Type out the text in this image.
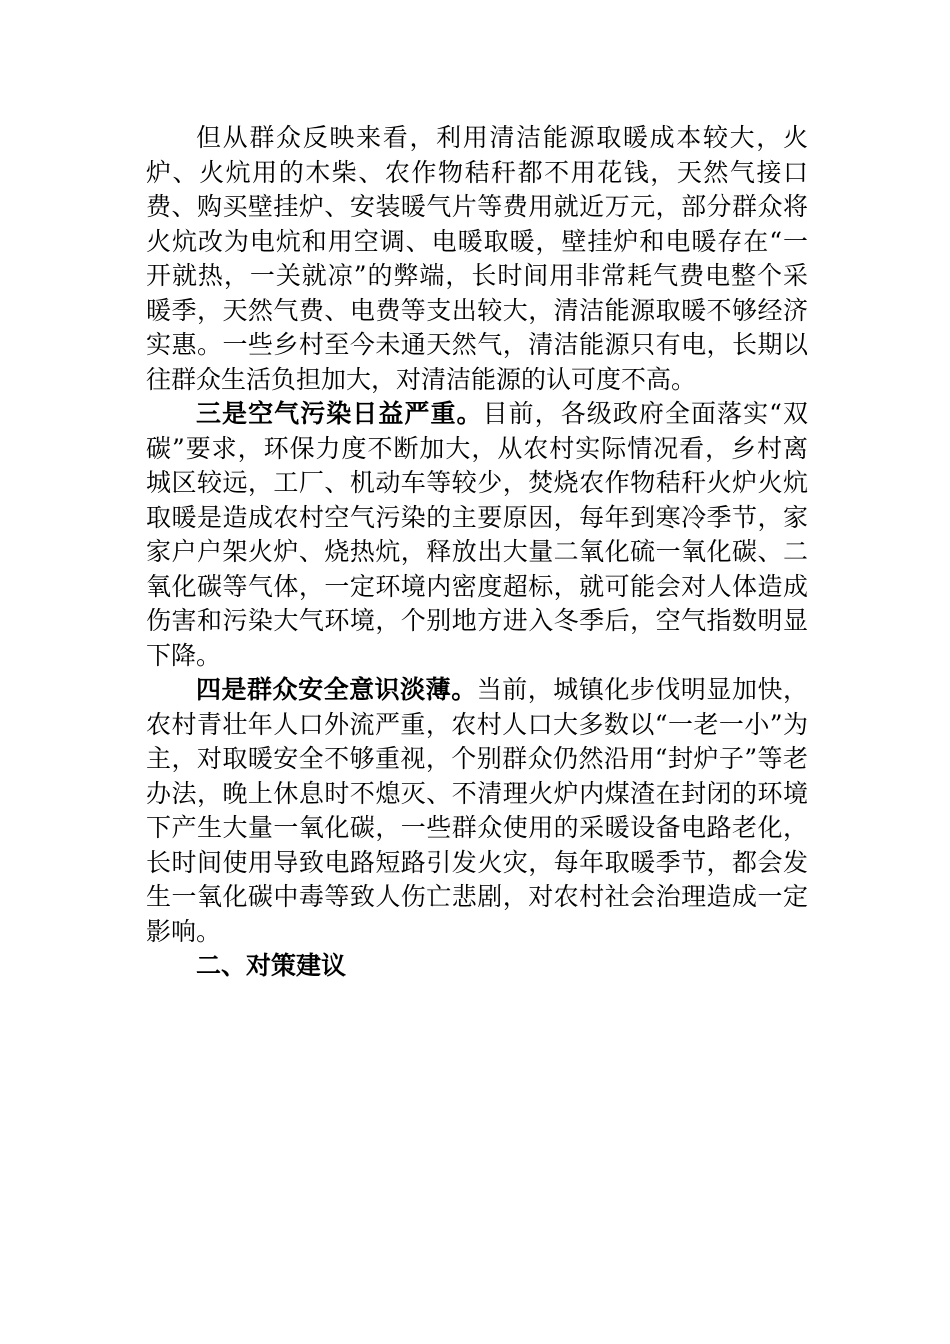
但从群众反映来看，利用清洁能源取暖成本较大，火炉、火炕用的木柴、农作物秸秆都不用花钱，天然气接口费、购买壁挂炉、安装暖气片等费用就近万元，部分群众将火炕改为电炕和用空调、电暖取暖，壁挂炉和电暖存在“一开就热，一关就凉”的弊端，长时间用非常耗气费电整个采暖季，天然气费、电费等支出较大，清洁能源取暖不够经济实惠。一些乡村至今未通天然气，清洁能源只有电，长期以往群众生活负担加大，对清洁能源的认可度不高。

三是空气污染日益严重。目前，各级政府全面落实“双碳”要求，环保力度不断加大，从农村实际情况看，乡村离城区较远，工厂、机动车等较少，焚烧农作物秸秆火炉火炕取暖是造成农村空气污染的主要原因，每年到寒冷季节，家家户户架火炉、烧热炕，释放出大量二氧化硫一氧化碳、二氧化碳等气体，一定环境内密度超标，就可能会对人体造成伤害和污染大气环境，个别地方进入冬季后，空气指数明显下降。

四是群众安全意识淡薄。当前，城镇化步伐明显加快，农村青壮年人口外流严重，农村人口大多数以“一老一小”为主，对取暖安全不够重视，个别群众仍然沿用“封炉子”等老办法，晚上休息时不熄灭、不清理火炉内煤渣在封闭的环境下产生大量一氧化碳，一些群众使用的采暖设备电路老化，长时间使用导致电路短路引发火灾，每年取暖季节，都会发生一氧化碳中毒等致人伤亡悲剧，对农村社会治理造成一定影响。

二、对策建议
